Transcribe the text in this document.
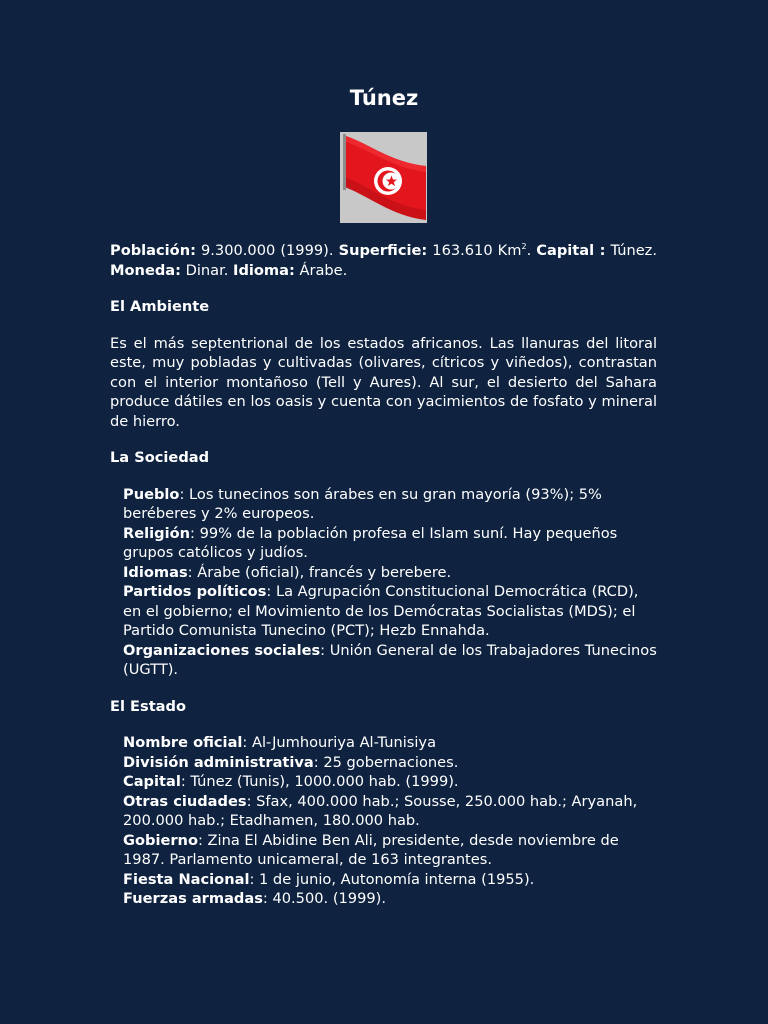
Túnez

Población: 9.300.000 (1999). Superficie: 163.610 Km$^2$. Capital : Túnez. Moneda: Dinar. Idioma: Árabe.

El Ambiente

Es el más septentrional de los estados africanos. Las llanuras del litoral este, muy pobladas y cultivadas (olivares, cítricos y viñedos), contrastan con el interior montañoso (Tell y Aures). Al sur, el desierto del Sahara produce dátiles en los oasis y cuenta con yacimientos de fosfato y mineral de hierro.

La Sociedad

Pueblo: Los tunecinos son árabes en su gran mayoría (93%); 5% beréberes y 2% europeos.

Religión: 99% de la población profesa el Islam suní. Hay pequeños grupos católicos y judíos.

Idiomas: Árabe (oficial), francés y berebere.

Partidos políticos: La Agrupación Constitucional Democrática (RCD), en el gobierno; el Movimiento de los Demócratas Socialistas (MDS); el Partido Comunista Tunecino (PCT); Hezb Ennahda.

Organizaciones sociales: Unión General de los Trabajadores Tunecinos (UGTT).

El Estado

Nombre oficial: Al-Jumhouriya Al-Tunisiya

División administrativa: 25 gobernaciones.

Capital: Túnez (Tunis), 1000.000 hab. (1999).

Otras ciudades: Sfax, 400.000 hab.; Sousse, 250.000 hab.; Aryanah, 200.000 hab.; Etadhamen, 180.000 hab.

Gobierno: Zina El Abidine Ben Ali, presidente, desde noviembre de 1987. Parlamento unicameral, de 163 integrantes.

Fiesta Nacional: 1 de junio, Autonomía interna (1955).

Fuerzas armadas: 40.500. (1999).
